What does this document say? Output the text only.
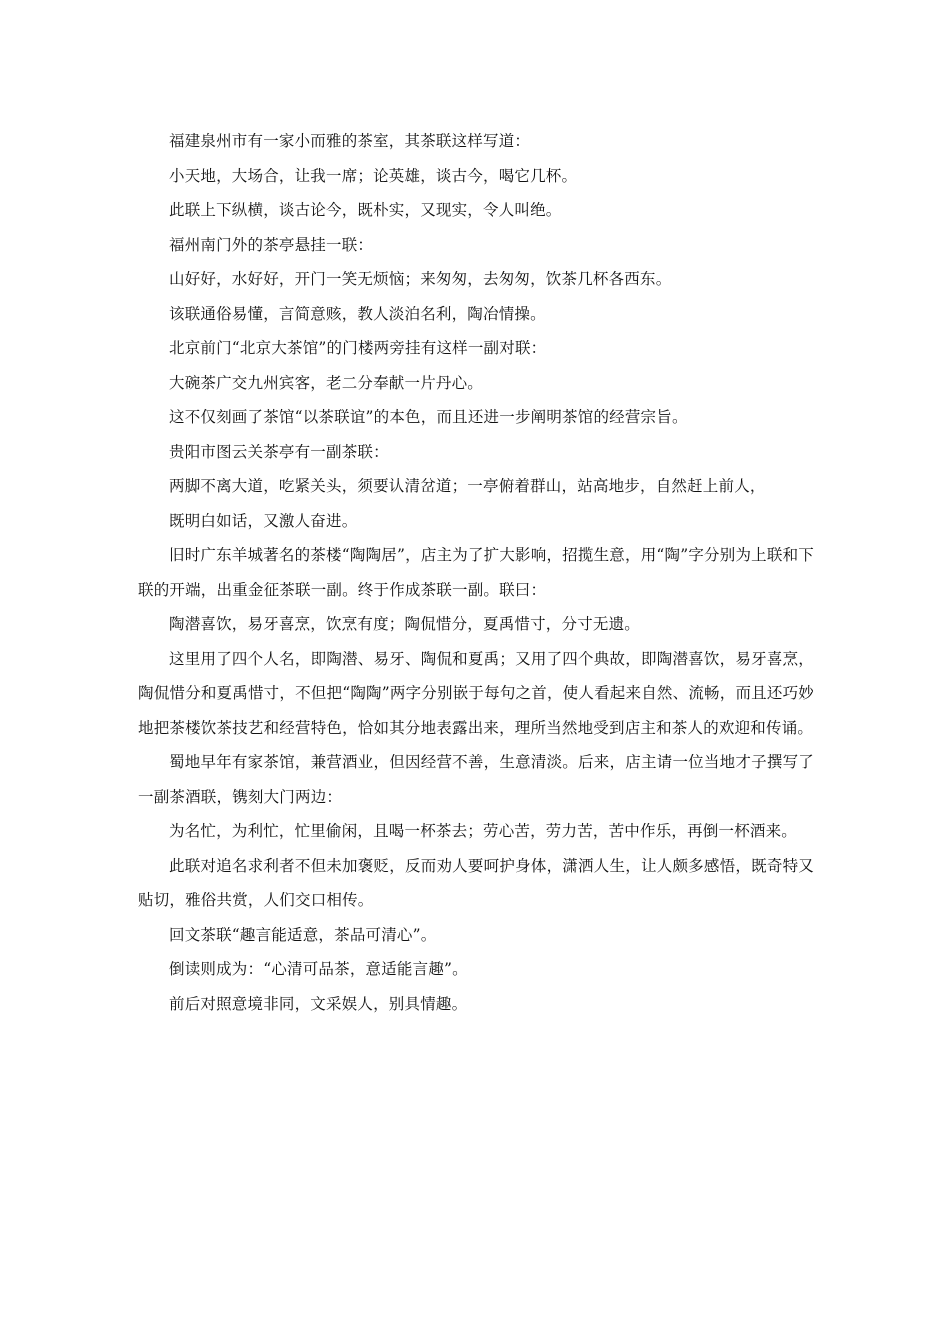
福建泉州市有一家小而雅的茶室，其茶联这样写道：

小天地，大场合，让我一席；论英雄，谈古今，喝它几杯。

此联上下纵横，谈古论今，既朴实，又现实，令人叫绝。

福州南门外的茶亭悬挂一联：

山好好，水好好，开门一笑无烦恼；来匆匆，去匆匆，饮茶几杯各西东。

该联通俗易懂，言简意赅，教人淡泊名利，陶冶情操。

北京前门“北京大茶馆”的门楼两旁挂有这样一副对联：

大碗茶广交九州宾客，老二分奉献一片丹心。

这不仅刻画了茶馆“以茶联谊”的本色，而且还进一步阐明茶馆的经营宗旨。

贵阳市图云关茶亭有一副茶联：

两脚不离大道，吃紧关头，须要认清岔道；一亭俯着群山，站高地步，自然赶上前人，

既明白如话，又激人奋进。

旧时广东羊城著名的茶楼“陶陶居”，店主为了扩大影响，招揽生意，用“陶”字分别为上联和下联的开端，出重金征茶联一副。终于作成茶联一副。联曰：

陶潜喜饮，易牙喜烹，饮烹有度；陶侃惜分，夏禹惜寸，分寸无遗。

这里用了四个人名，即陶潜、易牙、陶侃和夏禹；又用了四个典故，即陶潜喜饮，易牙喜烹，陶侃惜分和夏禹惜寸，不但把“陶陶”两字分别嵌于每句之首，使人看起来自然、流畅，而且还巧妙地把茶楼饮茶技艺和经营特色，恰如其分地表露出来，理所当然地受到店主和茶人的欢迎和传诵。

蜀地早年有家茶馆，兼营酒业，但因经营不善，生意清淡。后来，店主请一位当地才子撰写了一副茶酒联，镌刻大门两边：

为名忙，为利忙，忙里偷闲，且喝一杯茶去；劳心苦，劳力苦，苦中作乐，再倒一杯酒来。

此联对追名求利者不但未加褒贬，反而劝人要呵护身体，潇洒人生，让人颇多感悟，既奇特又贴切，雅俗共赏，人们交口相传。

回文茶联“趣言能适意，茶品可清心”。

倒读则成为：“心清可品茶，意适能言趣”。

前后对照意境非同，文采娱人，别具情趣。
